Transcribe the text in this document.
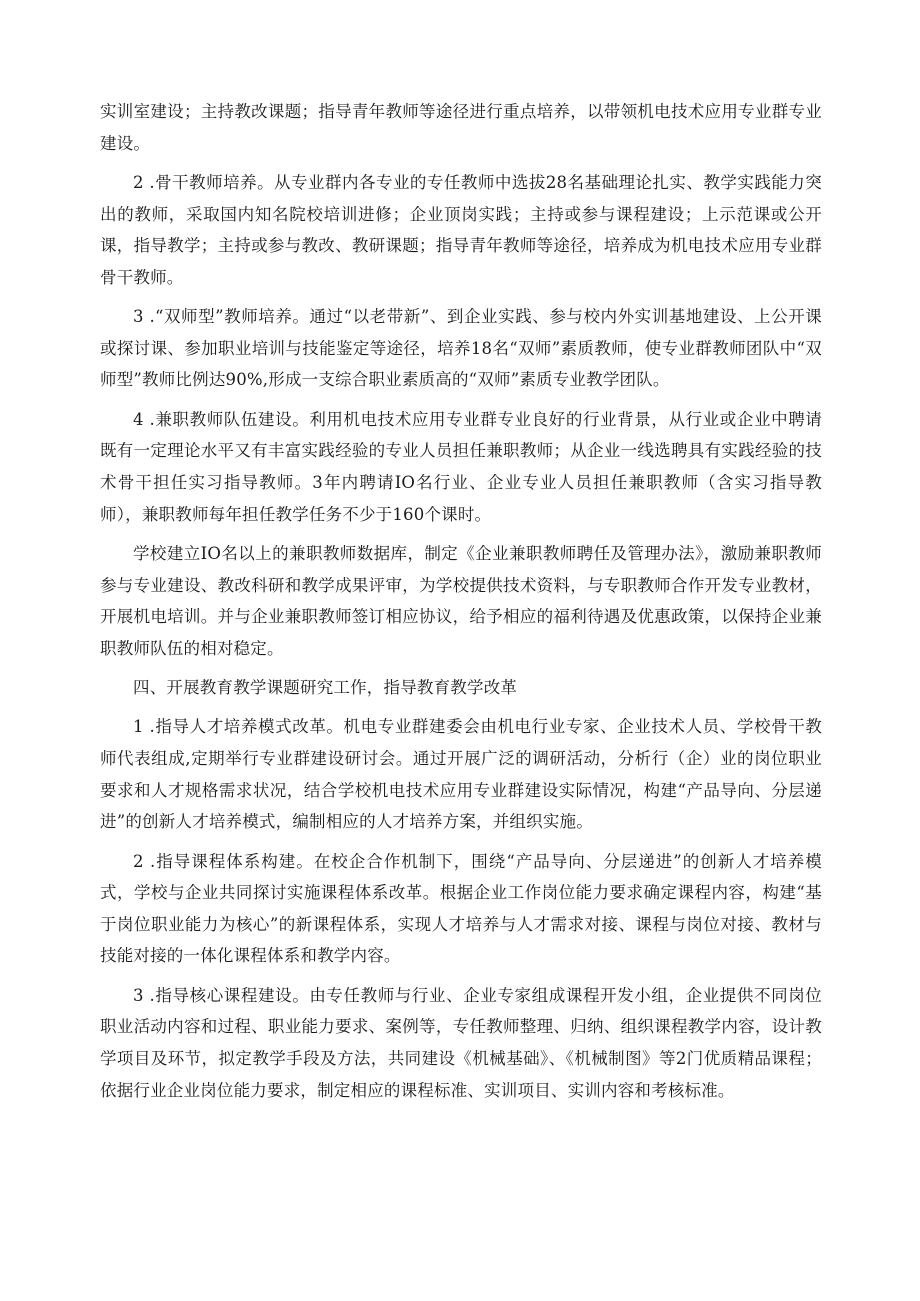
实训室建设；主持教改课题；指导青年教师等途径进行重点培养，以带领机电技术应用专业群专业建设。

2 .骨干教师培养。从专业群内各专业的专任教师中选拔28名基础理论扎实、教学实践能力突出的教师，采取国内知名院校培训进修；企业顶岗实践；主持或参与课程建设；上示范课或公开课，指导教学；主持或参与教改、教研课题；指导青年教师等途径，培养成为机电技术应用专业群骨干教师。

3 .“双师型”教师培养。通过“以老带新”、到企业实践、参与校内外实训基地建设、上公开课或探讨课、参加职业培训与技能鉴定等途径，培养18名“双师”素质教师，使专业群教师团队中“双师型”教师比例达90%,形成一支综合职业素质高的“双师”素质专业教学团队。

4 .兼职教师队伍建设。利用机电技术应用专业群专业良好的行业背景，从行业或企业中聘请既有一定理论水平又有丰富实践经验的专业人员担任兼职教师；从企业一线选聘具有实践经验的技术骨干担任实习指导教师。3年内聘请IO名行业、企业专业人员担任兼职教师（含实习指导教师），兼职教师每年担任教学任务不少于160个课时。

学校建立IO名以上的兼职教师数据库，制定《企业兼职教师聘任及管理办法》，激励兼职教师参与专业建设、教改科研和教学成果评审，为学校提供技术资料，与专职教师合作开发专业教材，开展机电培训。并与企业兼职教师签订相应协议，给予相应的福利待遇及优惠政策，以保持企业兼职教师队伍的相对稳定。

四、开展教育教学课题研究工作，指导教育教学改革

1 .指导人才培养模式改革。机电专业群建委会由机电行业专家、企业技术人员、学校骨干教师代表组成,定期举行专业群建设研讨会。通过开展广泛的调研活动，分析行（企）业的岗位职业要求和人才规格需求状况，结合学校机电技术应用专业群建设实际情况，构建“产品导向、分层递进”的创新人才培养模式，编制相应的人才培养方案，并组织实施。

2 .指导课程体系构建。在校企合作机制下，围绕“产品导向、分层递进”的创新人才培养模式，学校与企业共同探讨实施课程体系改革。根据企业工作岗位能力要求确定课程内容，构建“基于岗位职业能力为核心”的新课程体系，实现人才培养与人才需求对接、课程与岗位对接、教材与技能对接的一体化课程体系和教学内容。

3 .指导核心课程建设。由专任教师与行业、企业专家组成课程开发小组，企业提供不同岗位职业活动内容和过程、职业能力要求、案例等，专任教师整理、归纳、组织课程教学内容，设计教学项目及环节，拟定教学手段及方法，共同建设《机械基础》、《机械制图》等2门优质精品课程；依据行业企业岗位能力要求，制定相应的课程标准、实训项目、实训内容和考核标准。
